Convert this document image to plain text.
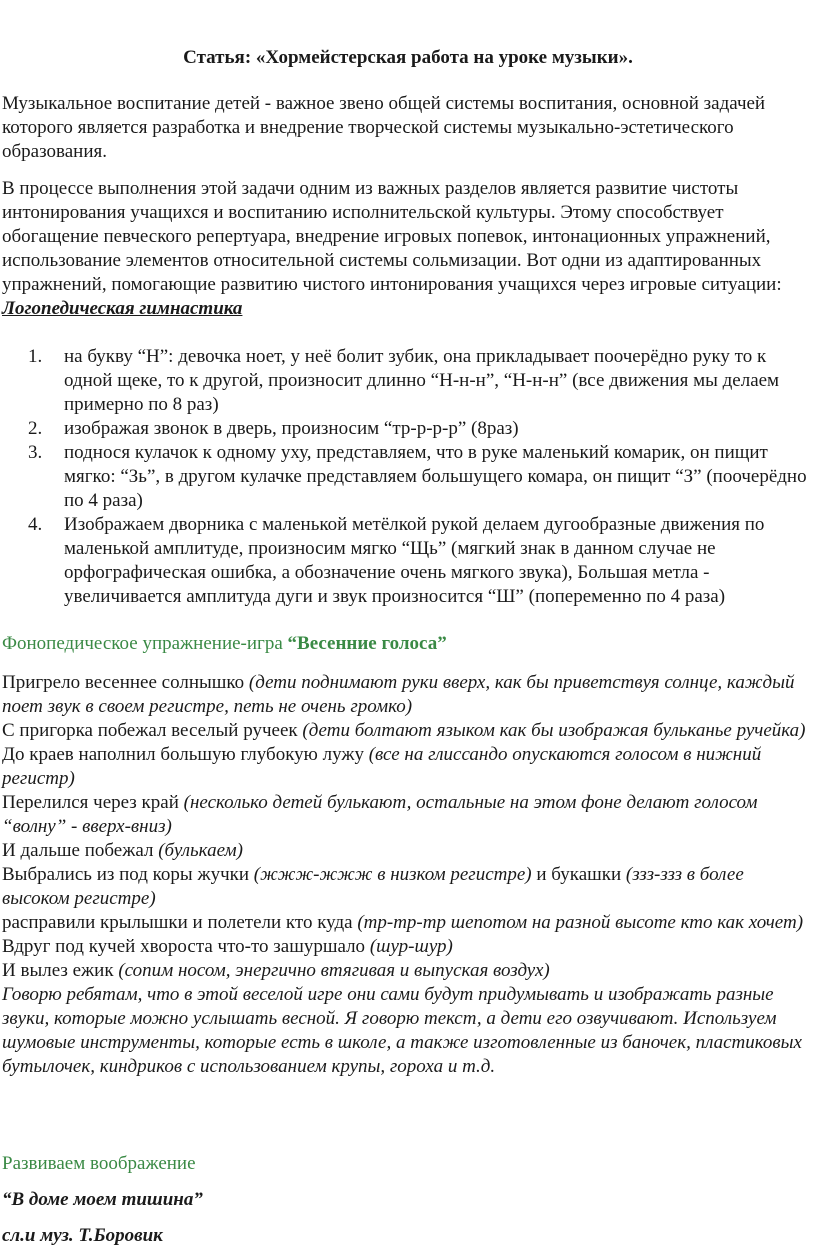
Статья: «Хормейстерская работа на уроке музыки».

Музыкальное воспитание детей - важное звено общей системы воспитания, основной задачей которого является разработка и внедрение творческой системы музыкально-эстетического образования.

В процессе выполнения этой задачи одним из важных разделов является развитие чистоты интонирования учащихся и воспитанию исполнительской культуры. Этому способствует обогащение певческого репертуара, внедрение игровых попевок, интонационных упражнений, использование элементов относительной системы сольмизации. Вот одни из адаптированных упражнений, помогающие развитию чистого интонирования учащихся через игровые ситуации: Логопедическая гимнастика

1. на букву “Н”: девочка ноет, у неё болит зубик, она прикладывает поочерёдно руку то к одной щеке, то к другой, произносит длинно “Н-н-н”, “Н-н-н” (все движения мы делаем примерно по 8 раз)
2. изображая звонок в дверь, произносим “тр-р-р-р” (8раз)
3. поднося кулачок к одному уху, представляем, что в руке маленький комарик, он пищит мягко: “Зь”, в другом кулачке представляем большущего комара, он пищит “З” (поочерёдно по 4 раза)
4. Изображаем дворника с маленькой метёлкой рукой делаем дугообразные движения по маленькой амплитуде, произносим мягко “Щь” (мягкий знак в данном случае не орфографическая ошибка, а обозначение очень мягкого звука), Большая метла - увеличивается амплитуда дуги и звук произносится “Ш” (попеременно по 4 раза)

Фонопедическое упражнение-игра “Весенние голоса”

Пригрело весеннее солнышко (дети поднимают руки вверх, как бы приветствуя солнце, каждый поет звук в своем регистре, петь не очень громко)
С пригорка побежал веселый ручеек (дети болтают языком как бы изображая бульканье ручейка)
До краев наполнил большую глубокую лужу (все на глиссандо опускаются голосом в нижний регистр)
Перелился через край (несколько детей булькают, остальные на этом фоне делают голосом “волну” - вверх-вниз)
И дальше побежал (булькаем)
Выбрались из под коры жучки (жжж-жжж в низком регистре) и букашки (ззз-ззз в более высоком регистре)
расправили крылышки и полетели кто куда (тр-тр-тр шепотом на разной высоте кто как хочет)
Вдруг под кучей хвороста что-то зашуршало (шур-шур)
И вылез ежик (сопим носом, энергично втягивая и выпуская воздух)
Говорю ребятам, что в этой веселой игре они сами будут придумывать и изображать разные звуки, которые можно услышать весной. Я говорю текст, а дети его озвучивают. Используем шумовые инструменты, которые есть в школе, а также изготовленные из баночек, пластиковых бутылочек, киндриков с использованием крупы, гороха и т.д.

Развиваем воображение

“В доме моем тишина”

сл.и муз. Т.Боровик
